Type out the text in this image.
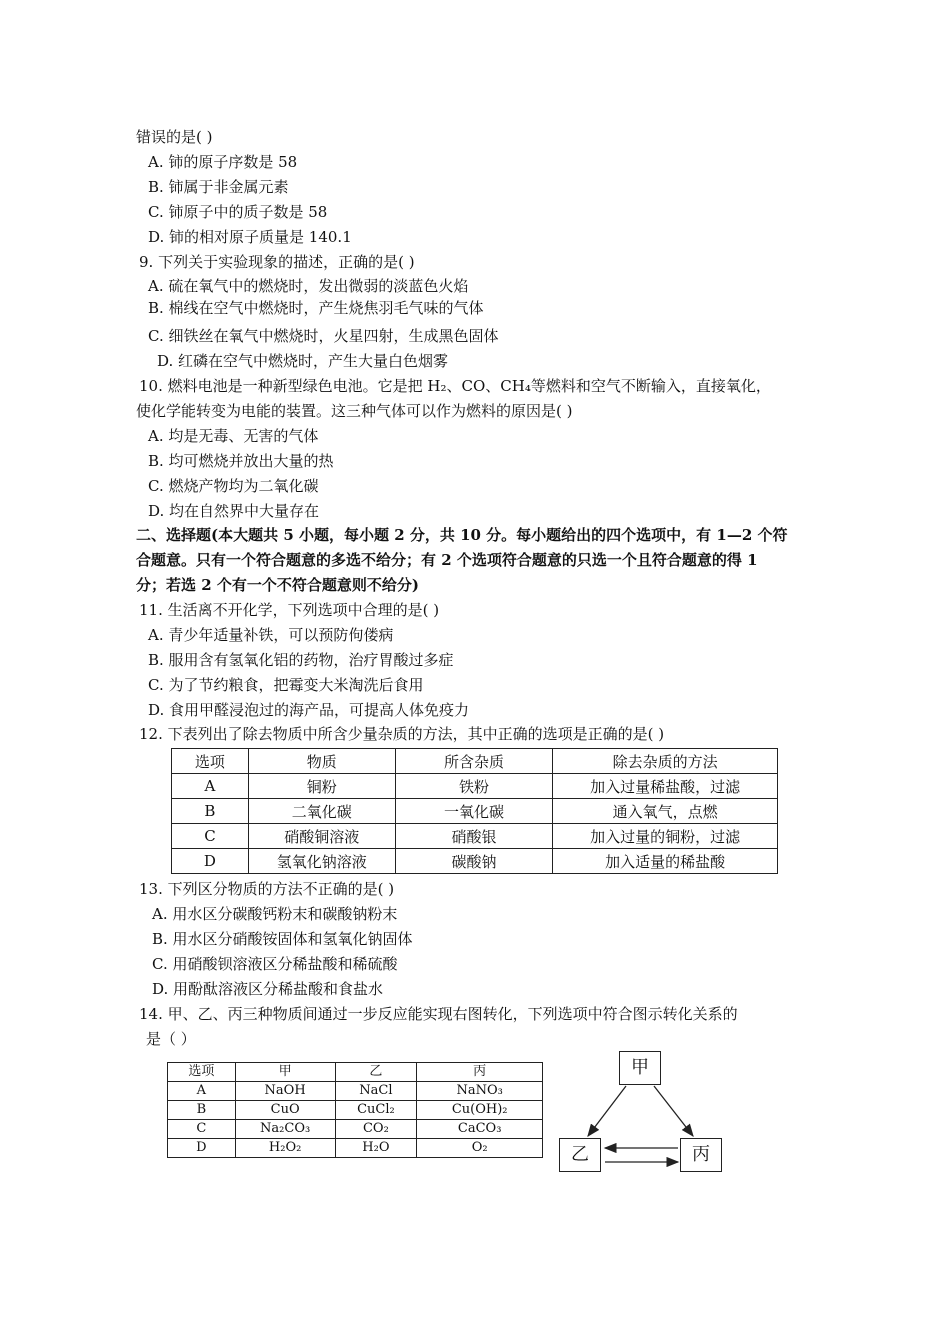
错误的是( )
A. 铈的原子序数是 58
B. 铈属于非金属元素
C. 铈原子中的质子数是 58
D. 铈的相对原子质量是 140.1
9. 下列关于实验现象的描述，正确的是( )
A. 硫在氧气中的燃烧时，发出微弱的淡蓝色火焰
B. 棉线在空气中燃烧时，产生烧焦羽毛气味的气体
C. 细铁丝在氧气中燃烧时，火星四射，生成黑色固体
D. 红磷在空气中燃烧时，产生大量白色烟雾
10. 燃料电池是一种新型绿色电池。它是把 H₂、CO、CH₄等燃料和空气不断输入，直接氧化，
使化学能转变为电能的装置。这三种气体可以作为燃料的原因是( )
A. 均是无毒、无害的气体
B. 均可燃烧并放出大量的热
C. 燃烧产物均为二氧化碳
D. 均在自然界中大量存在
二、选择题(本大题共 5 小题，每小题 2 分，共 10 分。每小题给出的四个选项中，有 1—2 个符
合题意。只有一个符合题意的多选不给分；有 2 个选项符合题意的只选一个且符合题意的得 1
分；若选 2 个有一个不符合题意则不给分)
11. 生活离不开化学，下列选项中合理的是( )
A. 青少年适量补铁，可以预防佝偻病
B. 服用含有氢氧化铝的药物，治疗胃酸过多症
C. 为了节约粮食，把霉变大米淘洗后食用
D. 食用甲醛浸泡过的海产品，可提高人体免疫力
12. 下表列出了除去物质中所含少量杂质的方法，其中正确的选项是正确的是( )
选项	物质	所含杂质	除去杂质的方法
A	铜粉	铁粉	加入过量稀盐酸，过滤
B	二氧化碳	一氧化碳	通入氧气，点燃
C	硝酸铜溶液	硝酸银	加入过量的铜粉，过滤
D	氢氧化钠溶液	碳酸钠	加入适量的稀盐酸
13. 下列区分物质的方法不正确的是( )
A. 用水区分碳酸钙粉末和碳酸钠粉末
B. 用水区分硝酸铵固体和氢氧化钠固体
C. 用硝酸钡溶液区分稀盐酸和稀硫酸
D. 用酚酞溶液区分稀盐酸和食盐水
14. 甲、乙、丙三种物质间通过一步反应能实现右图转化，下列选项中符合图示转化关系的
是（ ）
选项	甲	乙	丙
A	NaOH	NaCl	NaNO₃
B	CuO	CuCl₂	Cu(OH)₂
C	Na₂CO₃	CO₂	CaCO₃
D	H₂O₂	H₂O	O₂
甲
乙	丙
